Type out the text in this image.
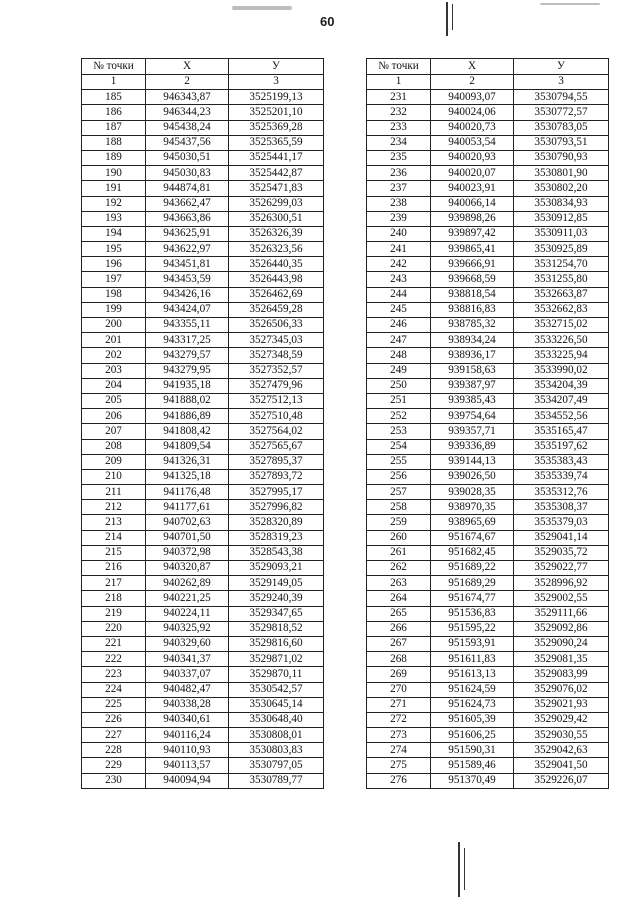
60
№ точки	X	У
1	2	3
185	946343,87	3525199,13
186	946344,23	3525201,10
187	945438,24	3525369,28
188	945437,56	3525365,59
189	945030,51	3525441,17
190	945030,83	3525442,87
191	944874,81	3525471,83
192	943662,47	3526299,03
193	943663,86	3526300,51
194	943625,91	3526326,39
195	943622,97	3526323,56
196	943451,81	3526440,35
197	943453,59	3526443,98
198	943426,16	3526462,69
199	943424,07	3526459,28
200	943355,11	3526506,33
201	943317,25	3527345,03
202	943279,57	3527348,59
203	943279,95	3527352,57
204	941935,18	3527479,96
205	941888,02	3527512,13
206	941886,89	3527510,48
207	941808,42	3527564,02
208	941809,54	3527565,67
209	941326,31	3527895,37
210	941325,18	3527893,72
211	941176,48	3527995,17
212	941177,61	3527996,82
213	940702,63	3528320,89
214	940701,50	3528319,23
215	940372,98	3528543,38
216	940320,87	3529093,21
217	940262,89	3529149,05
218	940221,25	3529240,39
219	940224,11	3529347,65
220	940325,92	3529818,52
221	940329,60	3529816,60
222	940341,37	3529871,02
223	940337,07	3529870,11
224	940482,47	3530542,57
225	940338,28	3530645,14
226	940340,61	3530648,40
227	940116,24	3530808,01
228	940110,93	3530803,83
229	940113,57	3530797,05
230	940094,94	3530789,77
№ точки	X	У
1	2	3
231	940093,07	3530794,55
232	940024,06	3530772,57
233	940020,73	3530783,05
234	940053,54	3530793,51
235	940020,93	3530790,93
236	940020,07	3530801,90
237	940023,91	3530802,20
238	940066,14	3530834,93
239	939898,26	3530912,85
240	939897,42	3530911,03
241	939865,41	3530925,89
242	939666,91	3531254,70
243	939668,59	3531255,80
244	938818,54	3532663,87
245	938816,83	3532662,83
246	938785,32	3532715,02
247	938934,24	3533226,50
248	938936,17	3533225,94
249	939158,63	3533990,02
250	939387,97	3534204,39
251	939385,43	3534207,49
252	939754,64	3534552,56
253	939357,71	3535165,47
254	939336,89	3535197,62
255	939144,13	3535383,43
256	939026,50	3535339,74
257	939028,35	3535312,76
258	938970,35	3535308,37
259	938965,69	3535379,03
260	951674,67	3529041,14
261	951682,45	3529035,72
262	951689,22	3529022,77
263	951689,29	3528996,92
264	951674,77	3529002,55
265	951536,83	3529111,66
266	951595,22	3529092,86
267	951593,91	3529090,24
268	951611,83	3529081,35
269	951613,13	3529083,99
270	951624,59	3529076,02
271	951624,73	3529021,93
272	951605,39	3529029,42
273	951606,25	3529030,55
274	951590,31	3529042,63
275	951589,46	3529041,50
276	951370,49	3529226,07
